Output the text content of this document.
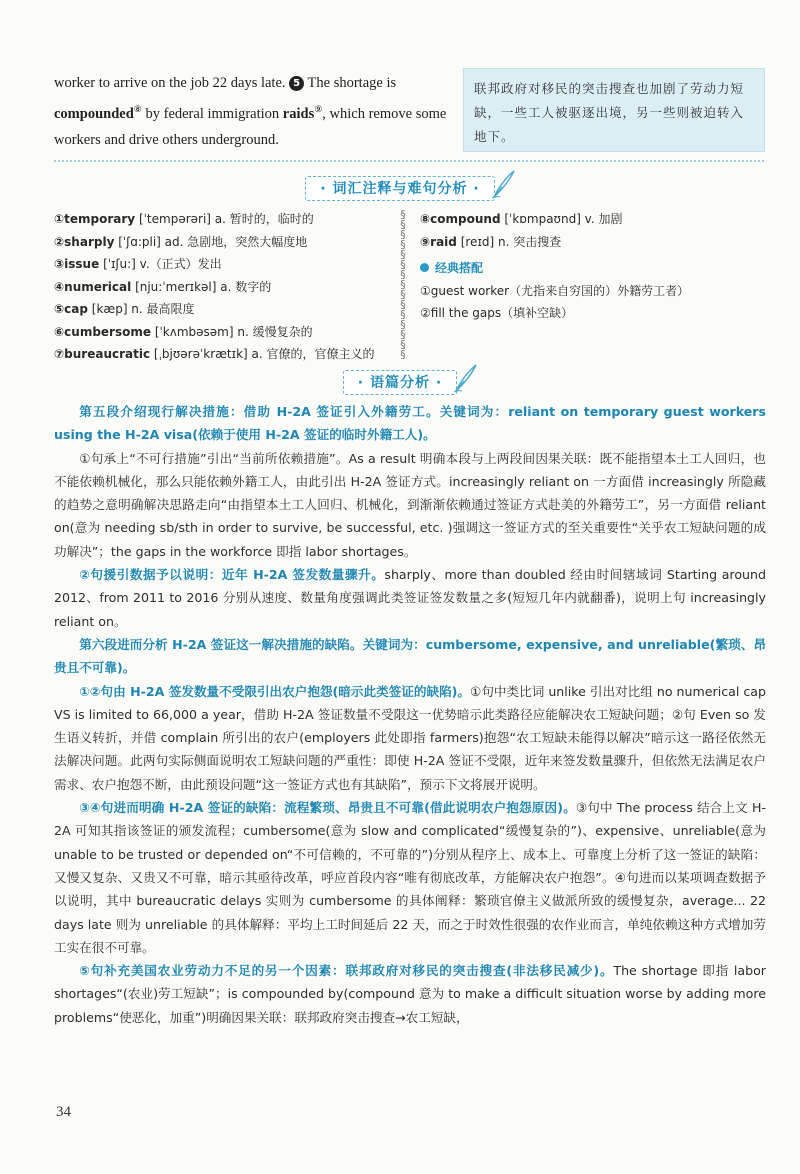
worker to arrive on the job 22 days late. 5 The shortage is compounded⑧ by federal immigration raids⑨, which remove some workers and drive others underground.
联邦政府对移民的突击搜查也加剧了劳动力短缺，一些工人被驱逐出境，另一些则被迫转入地下。
· 词汇注释与难句分析 ·
①temporary [ˈtempərəri] a. 暂时的，临时的
②sharply [ˈʃɑ:pli] ad. 急剧地，突然大幅度地
③issue [ˈɪʃu:] v.（正式）发出
④numerical [nju:ˈmerɪkəl] a. 数字的
⑤cap [kæp] n. 最高限度
⑥cumbersome [ˈkʌmbəsəm] n. 缓慢复杂的
⑦bureaucratic [ˌbjʊərəˈkrætɪk] a. 官僚的，官僚主义的
§
§
§
§
§
§
§
§
§
§
§
§
§
§
§
⑧compound [ˈkɒmpaʊnd] v. 加剧
⑨raid [reɪd] n. 突击搜查
经典搭配
①guest worker（尤指来自穷国的）外籍劳工者）
②fill the gaps（填补空缺）
· 语篇分析 ·

第五段介绍现行解决措施：借助 H-2A 签证引入外籍劳工。关键词为：reliant on temporary guest workers using the H-2A visa(依赖于使用 H-2A 签证的临时外籍工人)。

①句承上“不可行措施”引出“当前所依赖措施”。As a result 明确本段与上两段间因果关联：既不能指望本土工人回归，也不能依赖机械化，那么只能依赖外籍工人，由此引出 H-2A 签证方式。increasingly reliant on 一方面借 increasingly 所隐藏的趋势之意明确解决思路走向“由指望本土工人回归、机械化，到渐渐依赖通过签证方式赴美的外籍劳工”，另一方面借 reliant on(意为 needing sb/sth in order to survive, be successful, etc. )强调这一签证方式的至关重要性“关乎农工短缺问题的成功解决”；the gaps in the workforce 即指 labor shortages。

②句援引数据予以说明：近年 H-2A 签发数量骤升。sharply、more than doubled 经由时间辖域词 Starting around 2012、from 2011 to 2016 分别从速度、数量角度强调此类签证签发数量之多(短短几年内就翻番)，说明上句 increasingly reliant on。

第六段进而分析 H-2A 签证这一解决措施的缺陷。关键词为：cumbersome, expensive, and unreliable(繁琐、昂贵且不可靠)。

①②句由 H-2A 签发数量不受限引出农户抱怨(暗示此类签证的缺陷)。①句中类比词 unlike 引出对比组 no numerical cap VS is limited to 66,000 a year，借助 H-2A 签证数量不受限这一优势暗示此类路径应能解决农工短缺问题；②句 Even so 发生语义转折，并借 complain 所引出的农户(employers 此处即指 farmers)抱怨“农工短缺未能得以解决”暗示这一路径依然无法解决问题。此两句实际侧面说明农工短缺问题的严重性：即使 H-2A 签证不受限，近年来签发数量骤升，但依然无法满足农户需求、农户抱怨不断，由此预设问题“这一签证方式也有其缺陷”，预示下文将展开说明。

③④句进而明确 H-2A 签证的缺陷：流程繁琐、昂贵且不可靠(借此说明农户抱怨原因)。③句中 The process 结合上文 H-2A 可知其指该签证的颁发流程；cumbersome(意为 slow and complicated“缓慢复杂的”)、expensive、unreliable(意为 unable to be trusted or depended on“不可信赖的，不可靠的”)分别从程序上、成本上、可靠度上分析了这一签证的缺陷：又慢又复杂、又贵又不可靠，暗示其亟待改革，呼应首段内容“唯有彻底改革，方能解决农户抱怨”。④句进而以某项调查数据予以说明，其中 bureaucratic delays 实则为 cumbersome 的具体阐释：繁琐官僚主义做派所致的缓慢复杂，average... 22 days late 则为 unreliable 的具体解释：平均上工时间延后 22 天，而之于时效性很强的农作业而言，单纯依赖这种方式增加劳工实在很不可靠。

⑤句补充美国农业劳动力不足的另一个因素：联邦政府对移民的突击搜查(非法移民减少)。The shortage 即指 labor shortages“(农业)劳工短缺”；is compounded by(compound 意为 to make a difficult situation worse by adding more problems“使恶化，加重”)明确因果关联：联邦政府突击搜查→农工短缺，

34
